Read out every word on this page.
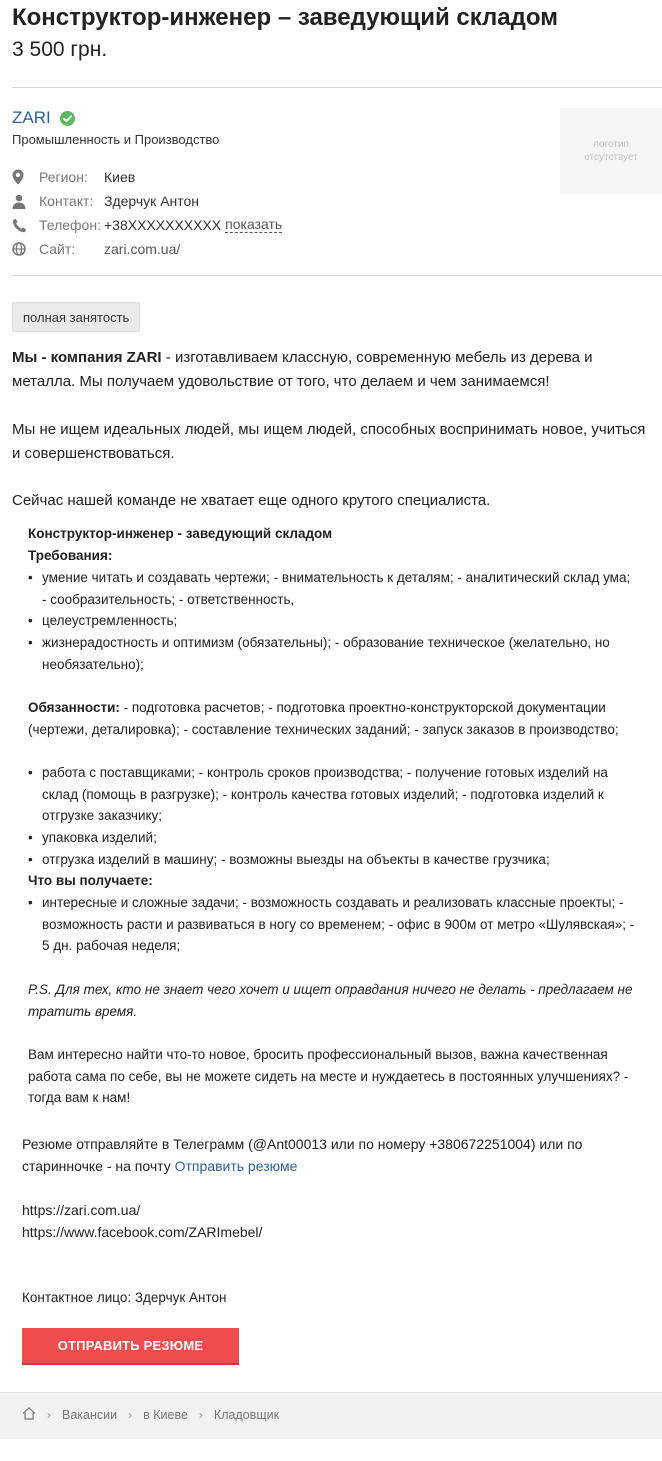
Конструктор-инженер – заведующий складом
3 500 грн.
ZARI
Промышленность и Производство	логотип отсутствует
Регион:	Киев
Контакт: Здерчук Антон
Телефон: +38XXXXXXXXXX показать
Сайт:	zari.com.ua/
полная занятость
Мы - компания ZARI - изготавливаем классную, современную мебель из дерева и металла. Мы получаем удовольствие от того, что делаем и чем занимаемся!
Мы не ищем идеальных людей, мы ищем людей, способных воспринимать новое, учиться и совершенствоваться.
Сейчас нашей команде не хватает еще одного крутого специалиста.
Конструктор-инженер - заведующий складом
Требования:
• умение читать и создавать чертежи; - внимательность к деталям; - аналитический склад ума; - сообразительность; - ответственность,
• целеустремленность;
• жизнерадостность и оптимизм (обязательны); - образование техническое (желательно, но необязательно);
Обязанности: - подготовка расчетов; - подготовка проектно-конструкторской документации (чертежи, деталировка); - составление технических заданий; - запуск заказов в производство;
• работа с поставщиками; - контроль сроков производства; - получение готовых изделий на склад (помощь в разгрузке); - контроль качества готовых изделий; - подготовка изделий к отгрузке заказчику;
• упаковка изделий;
• отгрузка изделий в машину; - возможны выезды на объекты в качестве грузчика;
Что вы получаете:
• интересные и сложные задачи; - возможность создавать и реализовать классные проекты; - возможность расти и развиваться в ногу со временем; - офис в 900м от метро «Шулявская»; - 5 дн. рабочая неделя;
P.S. Для тех, кто не знает чего хочет и ищет оправдания ничего не делать - предлагаем не тратить время.
Вам интересно найти что-то новое, бросить профессиональный вызов, важна качественная работа сама по себе, вы не можете сидеть на месте и нуждаетесь в постоянных улучшениях? - тогда вам к нам!
Резюме отправляйте в Телеграмм (@Ant00013 или по номеру +380672251004) или по старинночке - на почту Отправить резюме
https://zari.com.ua/
https://www.facebook.com/ZARImebel/
Контактное лицо: Здерчук Антон
ОТПРАВИТЬ РЕЗЮМЕ
› Вакансии › в Киеве › Кладовщик
